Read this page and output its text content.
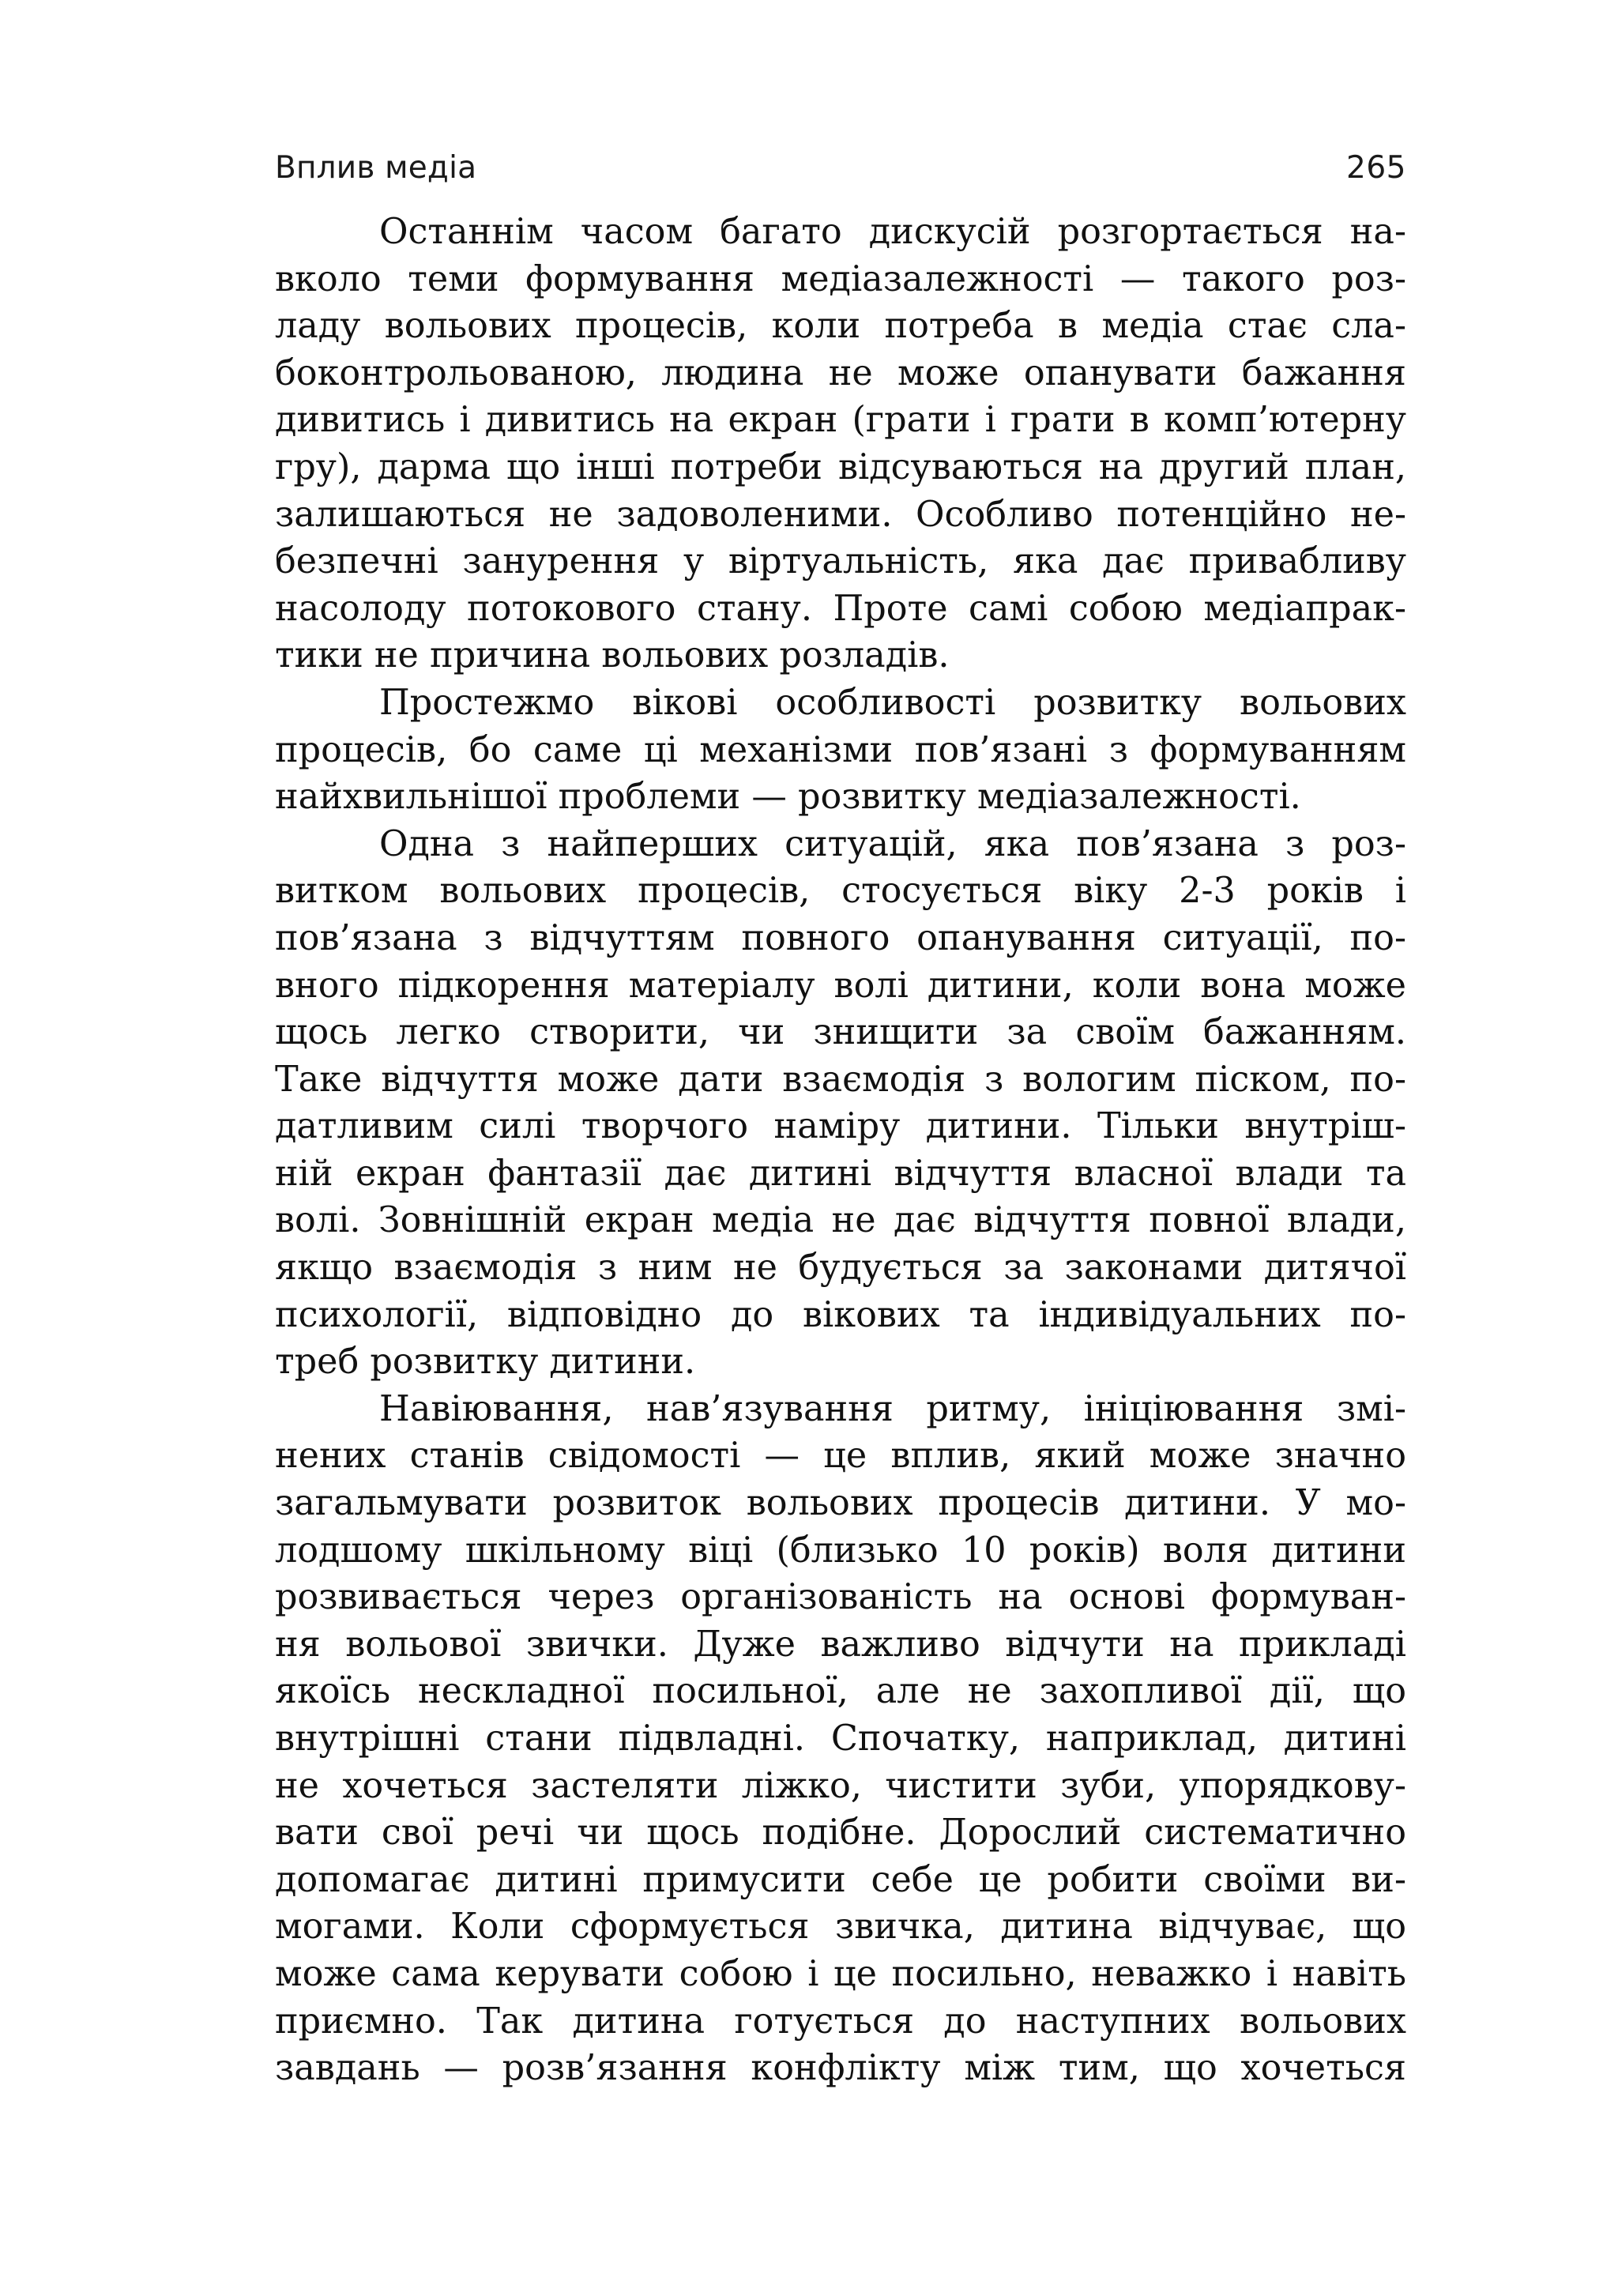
Вплив медіа	265
Останнім часом багато дискусій розгортається на-
вколо теми формування медіазалежності — такого роз-
ладу вольових процесів, коли потреба в медіа стає сла-
боконтрольованою, людина не може опанувати бажання
дивитись і дивитись на екран (грати і грати в комп’ютерну
гру), дарма що інші потреби відсуваються на другий план,
залишаються не задоволеними. Особливо потенційно не-
безпечні занурення у віртуальність, яка дає привабливу
насолоду потокового стану. Проте самі собою медіапрак-
тики не причина вольових розладів.
Простежмо вікові особливості розвитку вольових
процесів, бо саме ці механізми пов’язані з формуванням
найхвильнішої проблеми — розвитку медіазалежності.
Одна з найперших ситуацій, яка пов’язана з роз-
витком вольових процесів, стосується віку 2-3 років і
пов’язана з відчуттям повного опанування ситуації, по-
вного підкорення матеріалу волі дитини, коли вона може
щось легко створити, чи знищити за своїм бажанням.
Таке відчуття може дати взаємодія з вологим піском, по-
датливим силі творчого наміру дитини. Тільки внутріш-
ній екран фантазії дає дитині відчуття власної влади та
волі. Зовнішній екран медіа не дає відчуття повної влади,
якщо взаємодія з ним не будується за законами дитячої
психології, відповідно до вікових та індивідуальних по-
треб розвитку дитини.
Навіювання, нав’язування ритму, ініціювання змі-
нених станів свідомості — це вплив, який може значно
загальмувати розвиток вольових процесів дитини. У мо-
лодшому шкільному віці (близько 10 років) воля дитини
розвивається через організованість на основі формуван-
ня вольової звички. Дуже важливо відчути на прикладі
якоїсь нескладної посильної, але не захопливої дії, що
внутрішні стани підвладні. Спочатку, наприклад, дитині
не хочеться застеляти ліжко, чистити зуби, упорядкову-
вати свої речі чи щось подібне. Дорослий систематично
допомагає дитині примусити себе це робити своїми ви-
могами. Коли сформується звичка, дитина відчуває, що
може сама керувати собою і це посильно, неважко і навіть
приємно. Так дитина готується до наступних вольових
завдань — розв’язання конфлікту між тим, що хочеться
